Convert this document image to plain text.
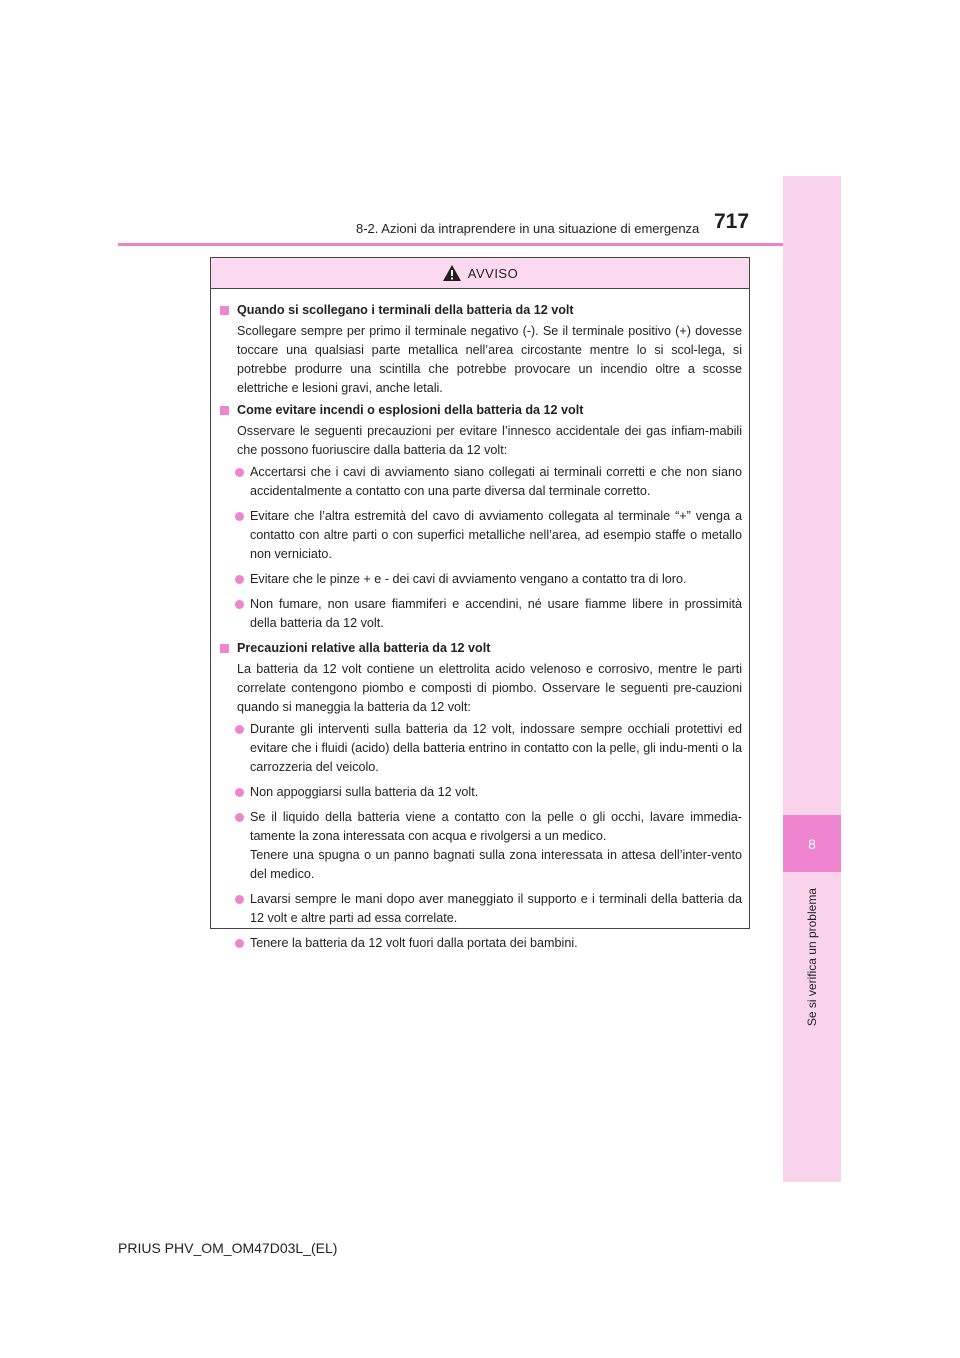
8
Se si verifica un problema
8-2. Azioni da intraprendere in una situazione di emergenza 717
AVVISO
Quando si scollegano i terminali della batteria da 12 volt
Scollegare sempre per primo il terminale negativo (-). Se il terminale positivo (+) dovesse toccare una qualsiasi parte metallica nell’area circostante mentre lo si scol-lega, si potrebbe produrre una scintilla che potrebbe provocare un incendio oltre a scosse elettriche e lesioni gravi, anche letali.
Come evitare incendi o esplosioni della batteria da 12 volt
Osservare le seguenti precauzioni per evitare l’innesco accidentale dei gas infiam-mabili che possono fuoriuscire dalla batteria da 12 volt:
Accertarsi che i cavi di avviamento siano collegati ai terminali corretti e che non siano accidentalmente a contatto con una parte diversa dal terminale corretto.
Evitare che l’altra estremità del cavo di avviamento collegata al terminale “+” venga a contatto con altre parti o con superfici metalliche nell’area, ad esempio staffe o metallo non verniciato.
Evitare che le pinze + e - dei cavi di avviamento vengano a contatto tra di loro.
Non fumare, non usare fiammiferi e accendini, né usare fiamme libere in prossimità della batteria da 12 volt.
Precauzioni relative alla batteria da 12 volt
La batteria da 12 volt contiene un elettrolita acido velenoso e corrosivo, mentre le parti correlate contengono piombo e composti di piombo. Osservare le seguenti pre-cauzioni quando si maneggia la batteria da 12 volt:
Durante gli interventi sulla batteria da 12 volt, indossare sempre occhiali protettivi ed evitare che i fluidi (acido) della batteria entrino in contatto con la pelle, gli indu-menti o la carrozzeria del veicolo.
Non appoggiarsi sulla batteria da 12 volt.
Se il liquido della batteria viene a contatto con la pelle o gli occhi, lavare immedia-tamente la zona interessata con acqua e rivolgersi a un medico.
Tenere una spugna o un panno bagnati sulla zona interessata in attesa dell’inter-vento del medico.
Lavarsi sempre le mani dopo aver maneggiato il supporto e i terminali della batteria da 12 volt e altre parti ad essa correlate.
Tenere la batteria da 12 volt fuori dalla portata dei bambini.
PRIUS PHV_OM_OM47D03L_(EL)
